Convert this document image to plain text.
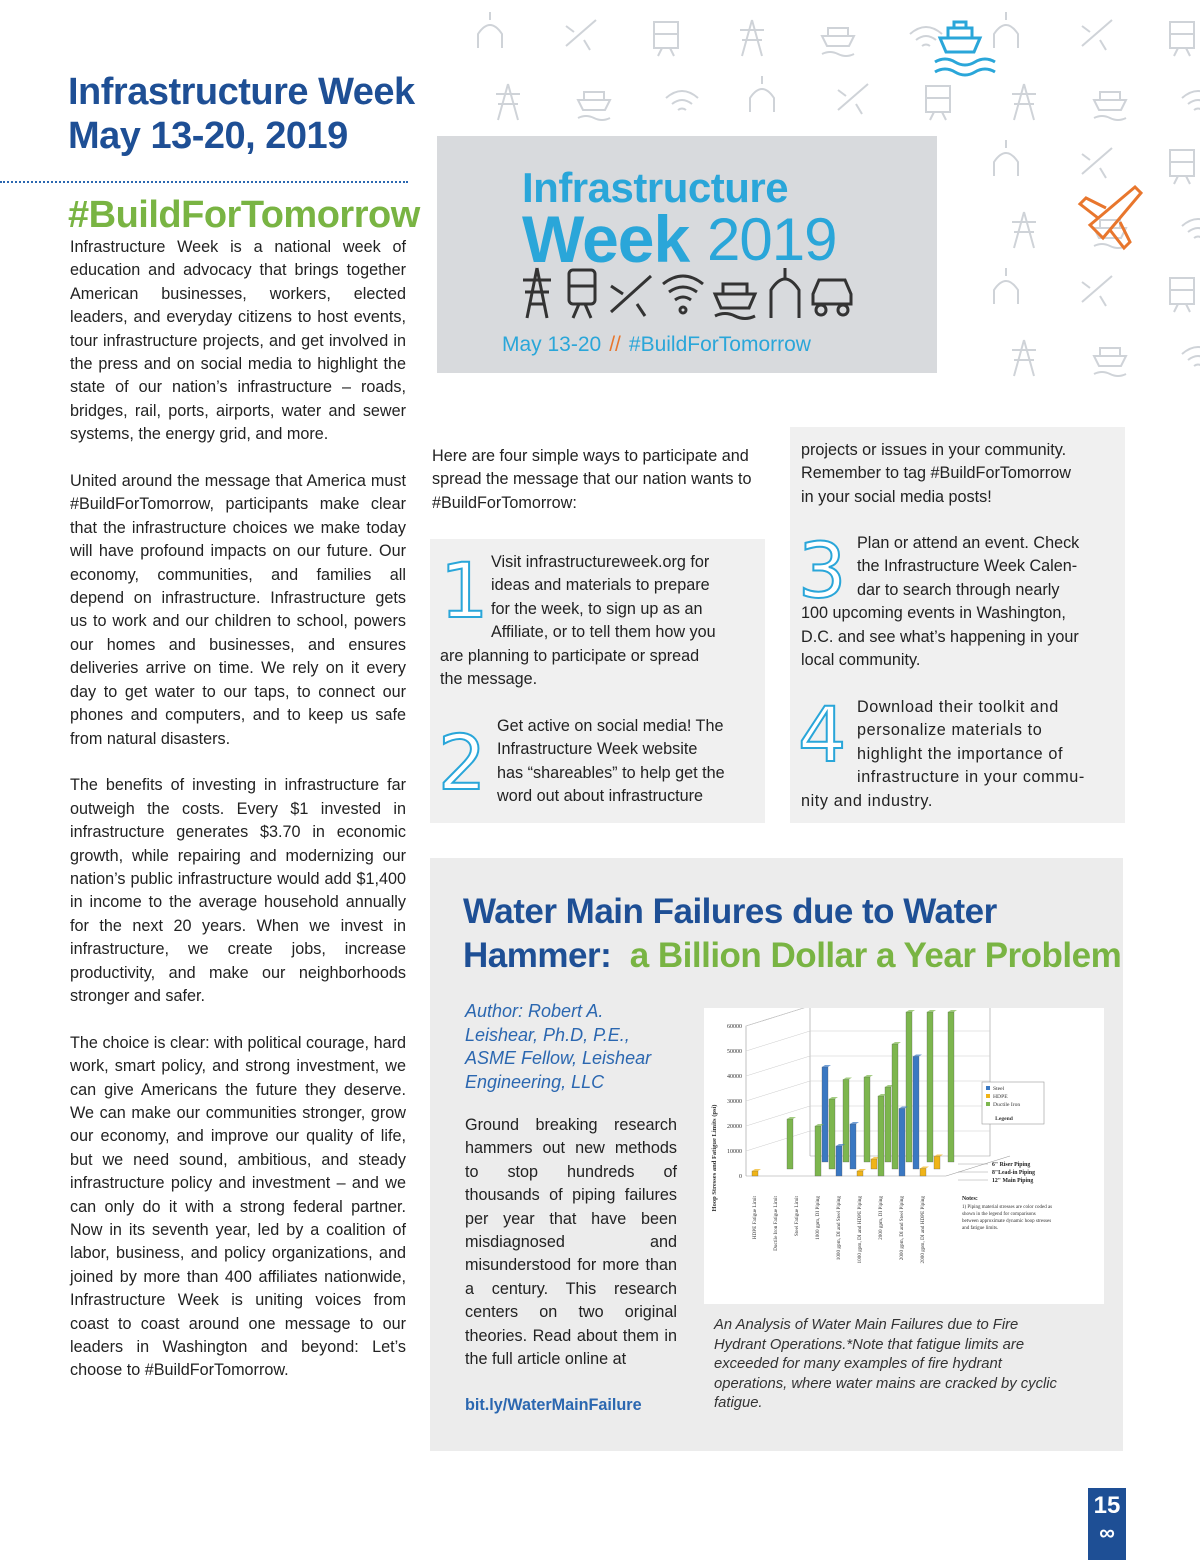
Infrastructure Week
May 13-20, 2019
#BuildForTomorrow

Infrastructure Week is a national week of education and advocacy that brings together American businesses, workers, elected leaders, and everyday citizens to host events, tour infrastructure projects, and get involved in the press and on social media to highlight the state of our nation’s infrastructure – roads, bridges, rail, ports, airports, water and sewer systems, the energy grid, and more.

United around the message that America must #BuildForTomorrow, participants make clear that the infrastructure choices we make today will have profound impacts on our future. Our economy, communities, and families all depend on infrastructure. Infrastructure gets us to work and our children to school, powers our homes and businesses, and ensures deliveries arrive on time. We rely on it every day to get water to our taps, to connect our phones and computers, and to keep us safe from natural disasters.

The benefits of investing in infrastructure far outweigh the costs. Every $1 invested in infrastructure generates $3.70 in economic growth, while repairing and modernizing our nation’s public infrastructure would add $1,400 in income to the average household annually for the next 20 years. When we invest in infrastructure, we create jobs, increase productivity, and make our neighborhoods stronger and safer.

The choice is clear: with political courage, hard work, smart policy, and strong investment, we can give Americans the future they deserve. We can make our communities stronger, grow our economy, and improve our quality of life, but we need sound, ambitious, and steady infrastructure policy and investment – and we can only do it with a strong federal partner. Now in its seventh year, led by a coalition of labor, business, and policy organizations, and joined by more than 400 affiliates nationwide, Infrastructure Week is uniting voices from coast to coast around one message to our leaders in Washington and beyond: Let’s choose to #BuildForTomorrow.

Infrastructure
Week 2019
May 13-20 // #BuildForTomorrow
Here are four simple ways to participate and spread the message that our nation wants to #BuildForTomorrow:
1 Visit infrastructureweek.org for
ideas and materials to prepare
for the week, to sign up as an
Affiliate, or to tell them how you
are planning to participate or spread
the message.
2 Get active on social media! The
Infrastructure Week website
has “shareables” to help get the
word out about infrastructure
projects or issues in your community.
Remember to tag #BuildForTomorrow
in your social media posts!
3 Plan or attend an event. Check
the Infrastructure Week Calen-
dar to search through nearly
100 upcoming events in Washington,
D.C. and see what’s happening in your
local community.
4 Download their toolkit and
personalize materials to
highlight the importance of
infrastructure in your commu-
nity and industry.
Water Main Failures due to Water Hammer: a Billion Dollar a Year Problem
Author: Robert A.
Leishear, Ph.D, P.E.,
ASME Fellow, Leishear
Engineering, LLC
Ground breaking research hammers out new methods to stop hundreds of thousands of piping failures per year that have been misdiagnosed and misunderstood for more than a century. This research centers on two original theories. Read about them in the full article online at
bit.ly/WaterMainFailure
60000
50000
40000
30000
20000
10000
0
HDPE Fatigue Limit	Ductile Iron Fatigue Limit	Steel Fatigue Limit	1000 gpm, DI Piping	1000 gpm, DI and Steel Piping	1000 gpm, DI and HDPE Piping	2000 gpm, DI Piping	2000 gpm, DI and Steel Piping	2000 gpm, DI and HDPE Piping
Hoop Stresses and Fatigue Limits (psi)
Steel
HDPE
Ductile Iron
Legend
6" Riser Piping
8"Lead-in Piping
12" Main Piping
Notes:
1) Piping material stresses are color coded as
shown in the legend for comparisons
between approximate dynamic hoop stresses
and fatigue limits.
An Analysis of Water Main Failures due to Fire Hydrant Operations.*Note that fatigue limits are exceeded for many examples of fire hydrant operations, where water mains are cracked by cyclic fatigue.
15
∞
